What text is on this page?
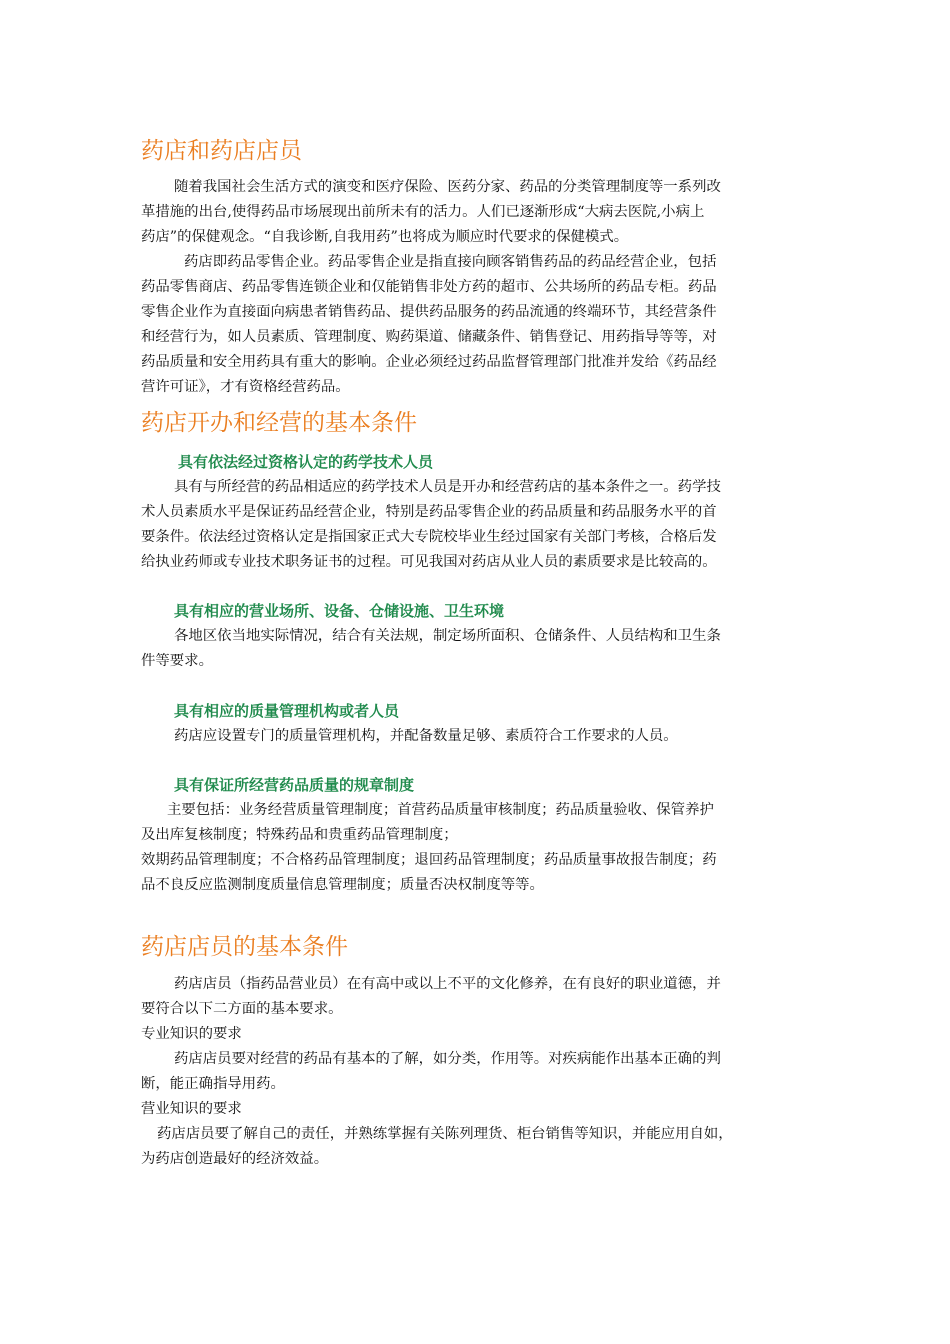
药店和药店店员
随着我国社会生活方式的演变和医疗保险、医药分家、药品的分类管理制度等一系列改
革措施的出台,使得药品市场展现出前所未有的活力。人们已逐渐形成“大病去医院,小病上
药店”的保健观念。“自我诊断,自我用药”也将成为顺应时代要求的保健模式。
药店即药品零售企业。药品零售企业是指直接向顾客销售药品的药品经营企业，包括
药品零售商店、药品零售连锁企业和仅能销售非处方药的超市、公共场所的药品专柜。药品
零售企业作为直接面向病患者销售药品、提供药品服务的药品流通的终端环节，其经营条件
和经营行为，如人员素质、管理制度、购药渠道、储藏条件、销售登记、用药指导等等，对
药品质量和安全用药具有重大的影响。企业必须经过药品监督管理部门批准并发给《药品经
营许可证》，才有资格经营药品。
药店开办和经营的基本条件
具有依法经过资格认定的药学技术人员
具有与所经营的药品相适应的药学技术人员是开办和经营药店的基本条件之一。药学技
术人员素质水平是保证药品经营企业，特别是药品零售企业的药品质量和药品服务水平的首
要条件。依法经过资格认定是指国家正式大专院校毕业生经过国家有关部门考核，合格后发
给执业药师或专业技术职务证书的过程。可见我国对药店从业人员的素质要求是比较高的。
具有相应的营业场所、设备、仓储设施、卫生环境
各地区依当地实际情况，结合有关法规，制定场所面积、仓储条件、人员结构和卫生条
件等要求。
具有相应的质量管理机构或者人员
药店应设置专门的质量管理机构，并配备数量足够、素质符合工作要求的人员。
具有保证所经营药品质量的规章制度
主要包括：业务经营质量管理制度；首营药品质量审核制度；药品质量验收、保管养护
及出库复核制度；特殊药品和贵重药品管理制度；
效期药品管理制度；不合格药品管理制度；退回药品管理制度；药品质量事故报告制度；药
品不良反应监测制度质量信息管理制度；质量否决权制度等等。
药店店员的基本条件
药店店员（指药品营业员）在有高中或以上不平的文化修养，在有良好的职业道德，并
要符合以下二方面的基本要求。
专业知识的要求
药店店员要对经营的药品有基本的了解，如分类，作用等。对疾病能作出基本正确的判
断，能正确指导用药。
营业知识的要求
药店店员要了解自己的责任，并熟练掌握有关陈列理货、柜台销售等知识，并能应用自如，
为药店创造最好的经济效益。
